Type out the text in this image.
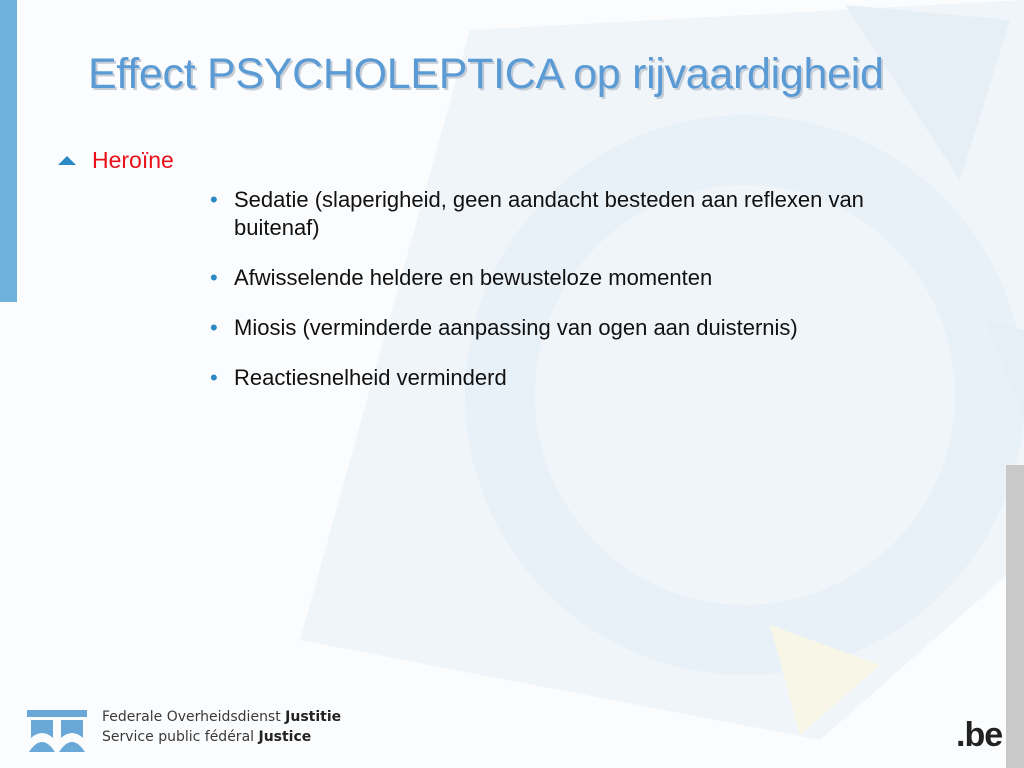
Effect PSYCHOLEPTICA op rijvaardigheid
Heroïne
• Sedatie (slaperigheid, geen aandacht besteden aan reflexen van buitenaf)
• Afwisselende heldere en bewusteloze momenten
• Miosis (verminderde aanpassing van ogen aan duisternis)
• Reactiesnelheid verminderd
Federale Overheidsdienst Justitie
Service public fédéral Justice	.be
